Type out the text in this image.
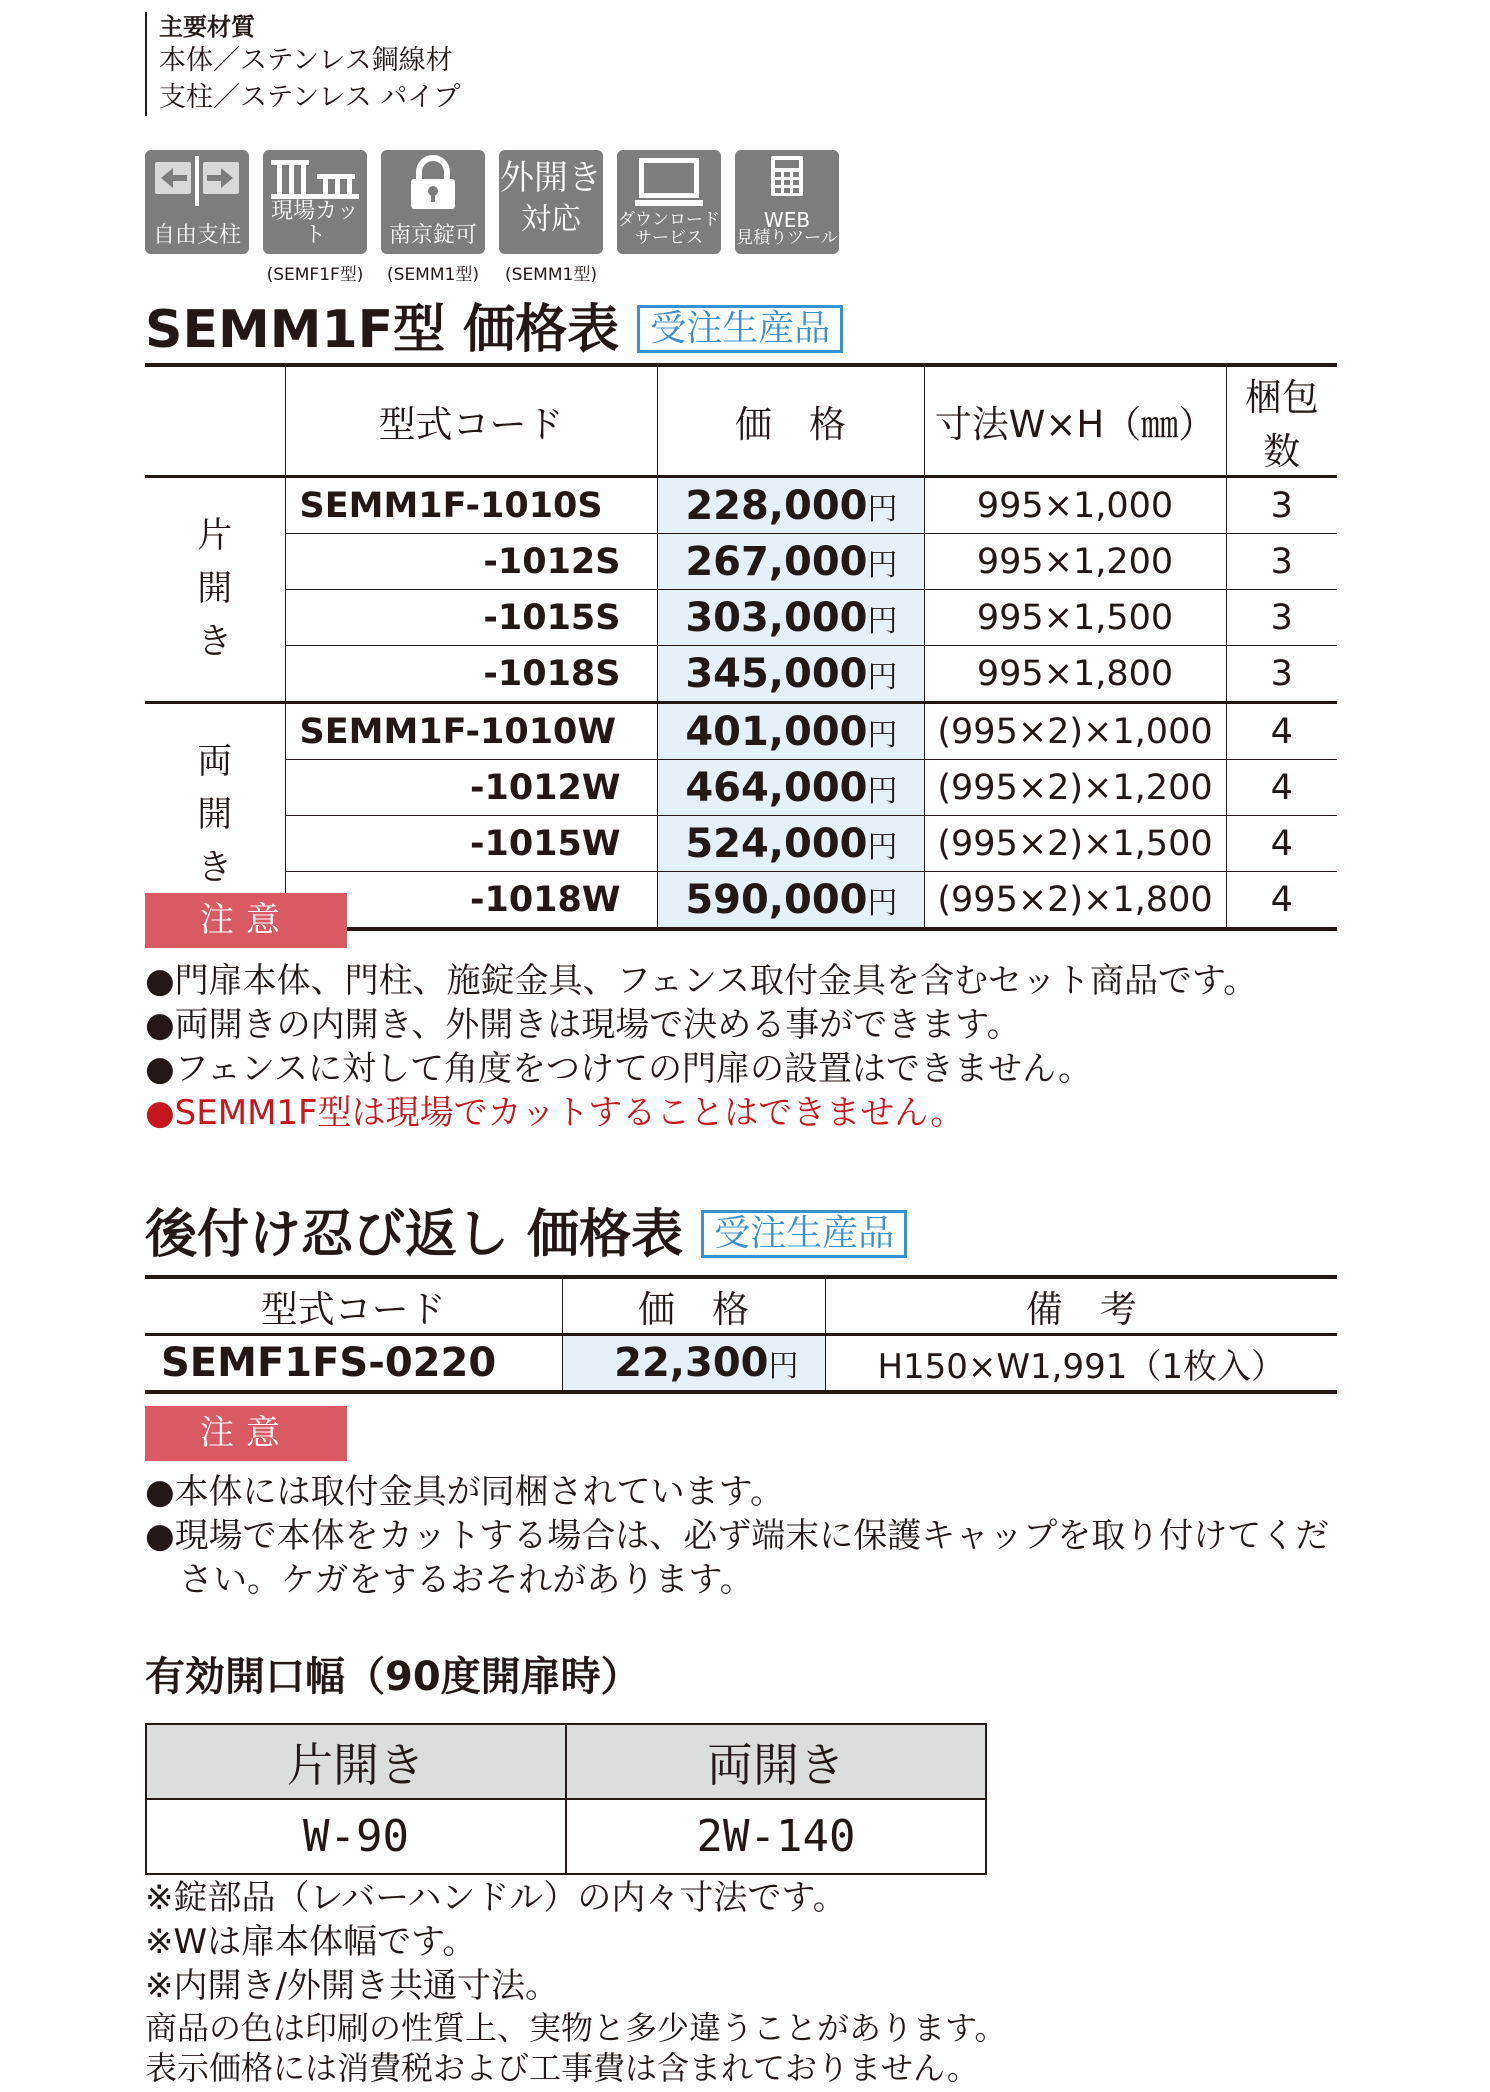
主要材質
本体／ステンレス鋼線材
支柱／ステンレス パイプ
自由支柱
現場カット	南京錠可
外開き
対応	ダウンロード
サービス
WEB
見積りツール
(SEMF1F型)	(SEMM1型)	(SEMM1型)
SEMM1F型 価格表 受注生産品
	型式コード	価　格	寸法W×H（㎜）	梱包数

片
開
き	SEMM1F-1010S	228,000円	995×1,000	3
	-1012S	267,000円	995×1,200	3
	-1015S	303,000円	995×1,500	3
	-1018S	345,000円	995×1,800	3

両
開
き	SEMM1F-1010W	401,000円	(995×2)×1,000	4
	-1012W	464,000円	(995×2)×1,200	4
	-1015W	524,000円	(995×2)×1,500	4
	-1018W	590,000円	(995×2)×1,800	4
注意
●門扉本体、門柱、施錠金具、フェンス取付金具を含むセット商品です。
●両開きの内開き、外開きは現場で決める事ができます。
●フェンスに対して角度をつけての門扉の設置はできません。
●SEMM1F型は現場でカットすることはできません。
後付け忍び返し 価格表 受注生産品
型式コード	価　格	備　考
SEMF1FS-0220	22,300円	H150×W1,991（1枚入）
注意
●本体には取付金具が同梱されています。
●現場で本体をカットする場合は、必ず端末に保護キャップを取り付けてくだ
　さい。ケガをするおそれがあります。
有効開口幅（90度開扉時）
片開き	両開き
W-90	2W-140
※錠部品（レバーハンドル）の内々寸法です。
※Wは扉本体幅です。
※内開き/外開き共通寸法。
商品の色は印刷の性質上、実物と多少違うことがあります。
表示価格には消費税および工事費は含まれておりません。
